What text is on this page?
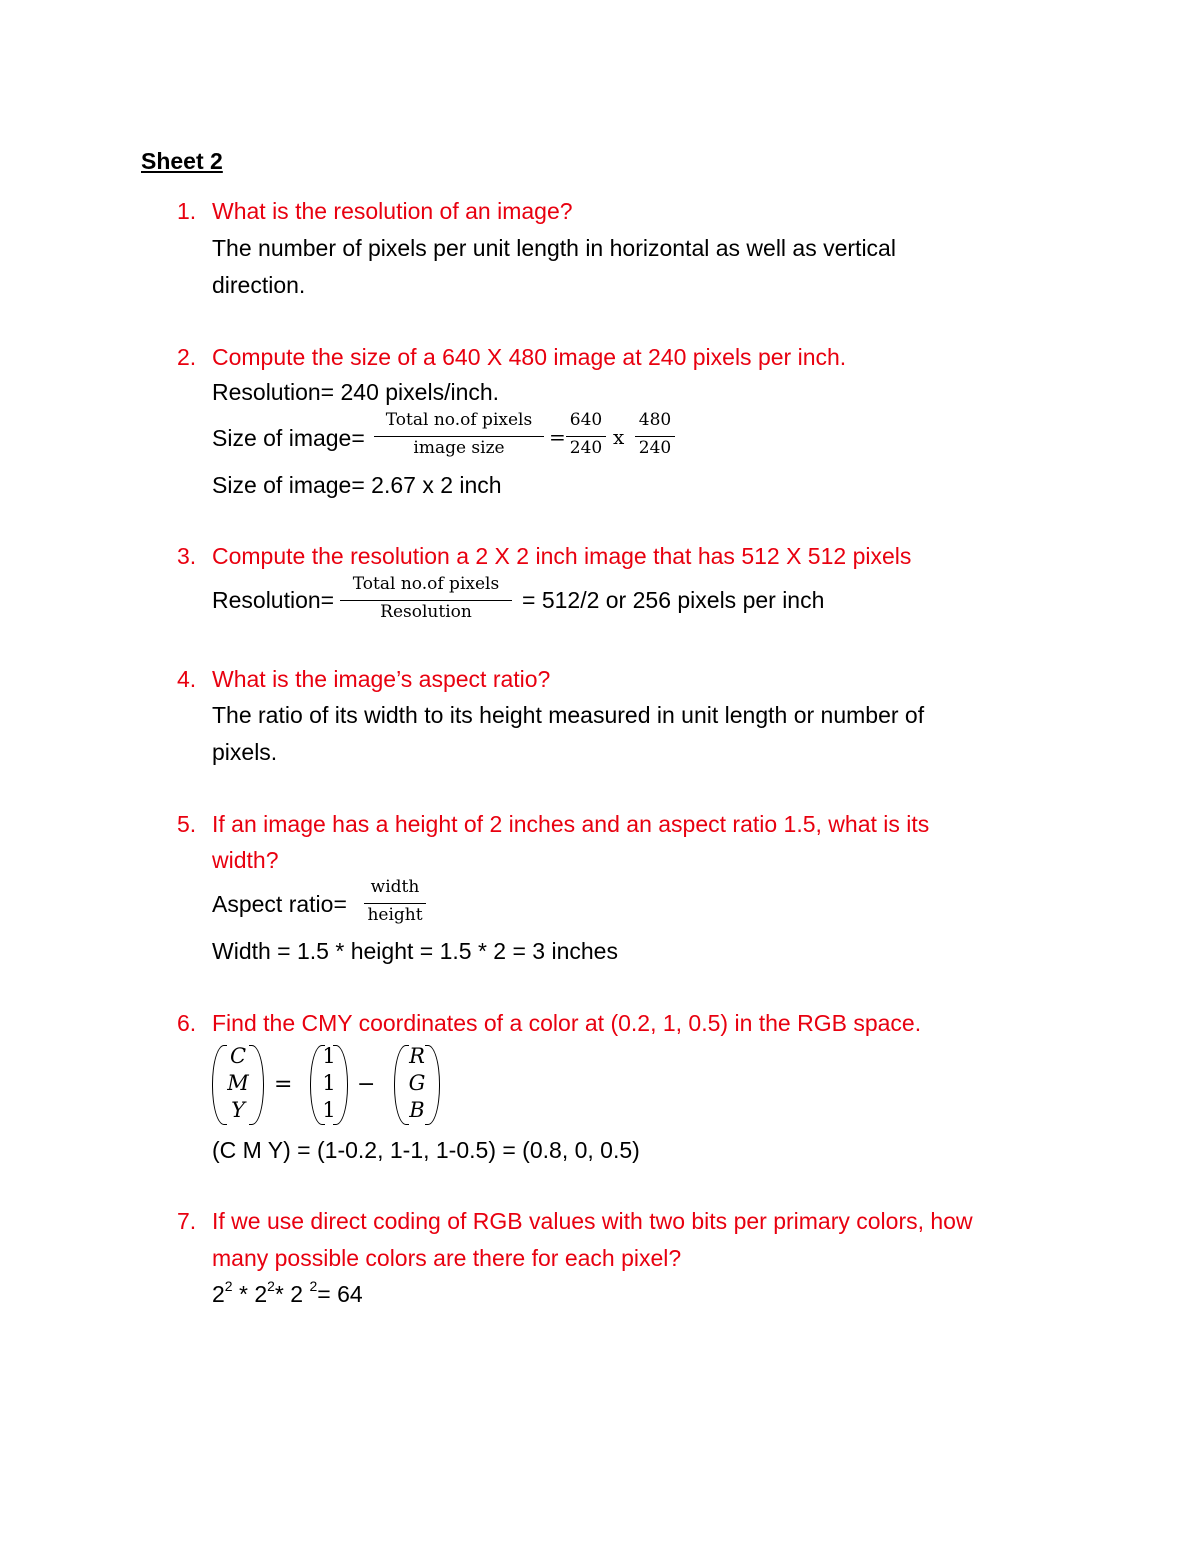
Sheet 2
1. What is the resolution of an image?
The number of pixels per unit length in horizontal as well as vertical
direction.
2. Compute the size of a 640 X 480 image at 240 pixels per inch.
Resolution= 240 pixels/inch.
Size of image=
Total no.of pixels
image size	=
640
240 x
480
240
Size of image= 2.67 x 2 inch
3. Compute the resolution a 2 X 2 inch image that has 512 X 512 pixels
Resolution=
Total no.of pixels
Resolution	= 512/2 or 256 pixels per inch
4. What is the image’s aspect ratio?
The ratio of its width to its height measured in unit length or number of
pixels.
5. If an image has a height of 2 inches and an aspect ratio 1.5, what is its
width?
Aspect ratio=
width
height
Width = 1.5 * height = 1.5 * 2 = 3 inches
6. Find the CMY coordinates of a color at (0.2, 1, 0.5) in the RGB space.
C
M
Y
=
1
1
1
−
R
G
B
(C M Y) = (1-0.2, 1-1, 1-0.5) = (0.8, 0, 0.5)
7. If we use direct coding of RGB values with two bits per primary colors, how
many possible colors are there for each pixel?
$2^2 * 2^2*$ 2 $^2$= 64
